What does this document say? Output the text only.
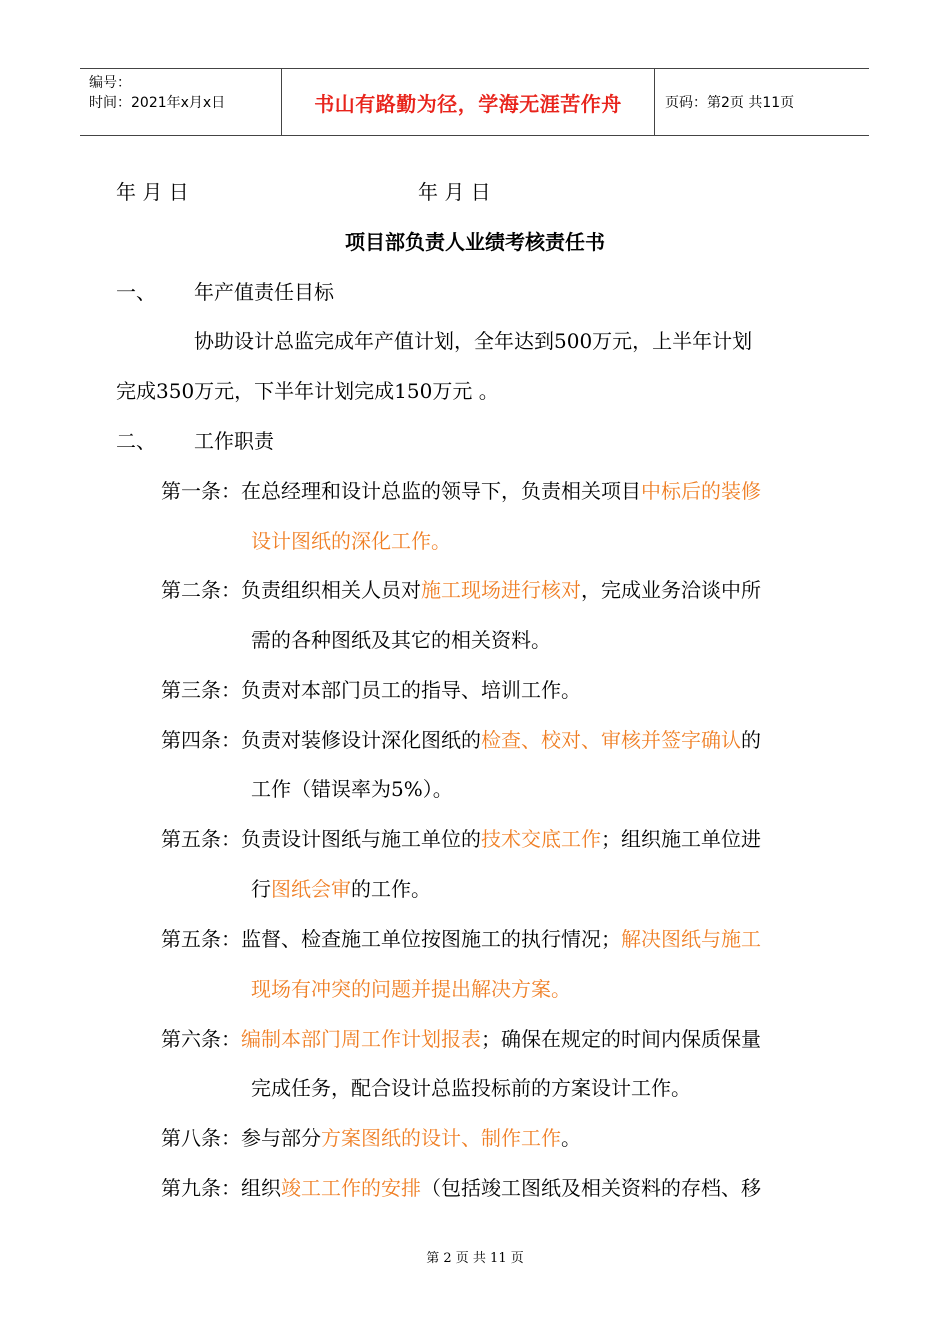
编号：
时间：2021年x月x日	书山有路勤为径，学海无涯苦作舟	页码：第2页 共11页
年 月 日	年 月 日
项目部负责人业绩考核责任书
一、 年产值责任目标
协助设计总监完成年产值计划，全年达到500万元，上半年计划
完成350万元，下半年计划完成150万元 。
二、 工作职责
第一条：在总经理和设计总监的领导下，负责相关项目中标后的装修
设计图纸的深化工作。
第二条：负责组织相关人员对施工现场进行核对，完成业务洽谈中所
需的各种图纸及其它的相关资料。
第三条：负责对本部门员工的指导、培训工作。
第四条：负责对装修设计深化图纸的检查、校对、审核并签字确认的
工作（错误率为5%）。
第五条：负责设计图纸与施工单位的技术交底工作；组织施工单位进
行图纸会审的工作。
第五条：监督、检查施工单位按图施工的执行情况；解决图纸与施工
现场有冲突的问题并提出解决方案。
第六条：编制本部门周工作计划报表；确保在规定的时间内保质保量
完成任务，配合设计总监投标前的方案设计工作。
第八条：参与部分方案图纸的设计、制作工作。
第九条：组织竣工工作的安排（包括竣工图纸及相关资料的存档、移
第 2 页 共 11 页
